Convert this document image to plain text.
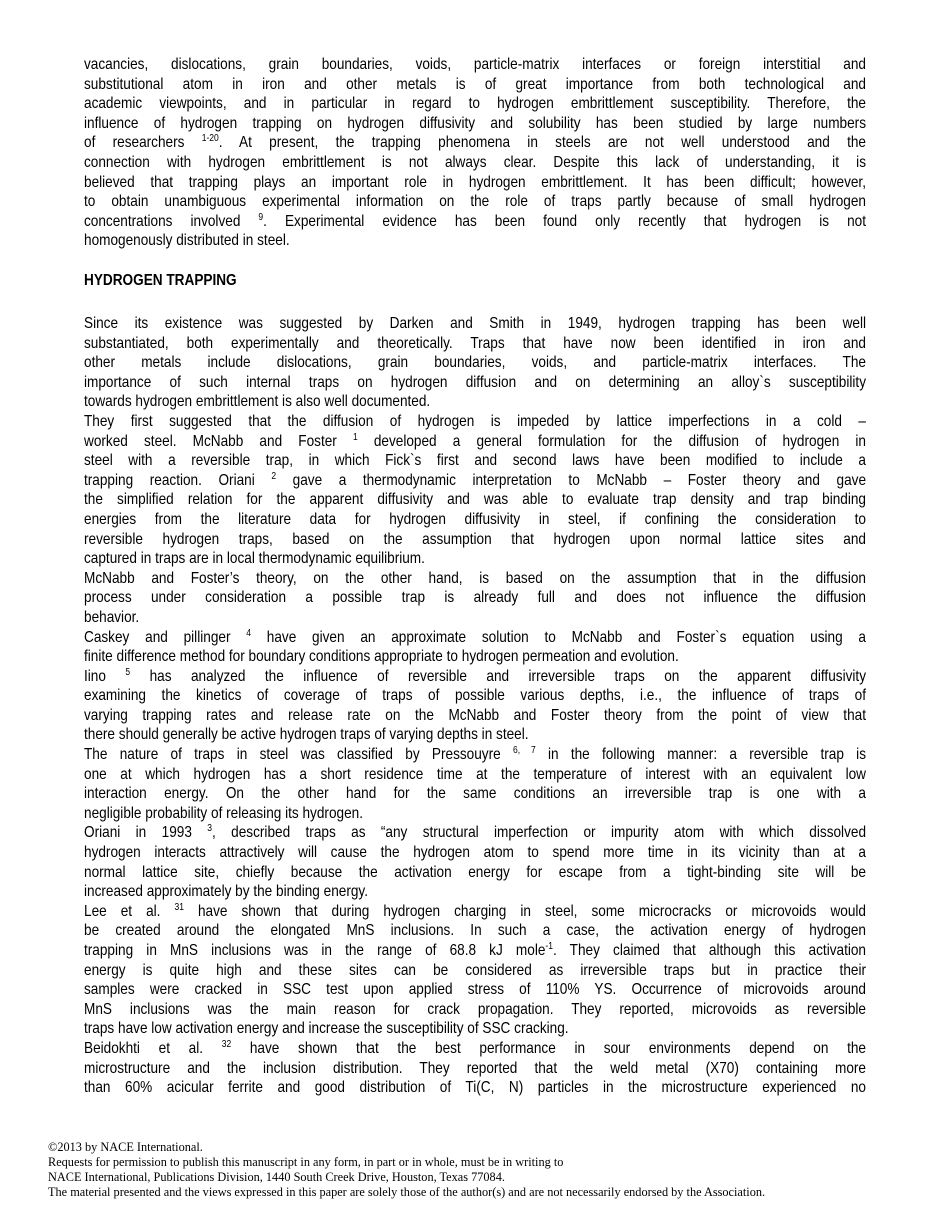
vacancies, dislocations, grain boundaries, voids, particle-matrix interfaces or foreign interstitial and
substitutional atom in iron and other metals is of great importance from both technological and
academic viewpoints, and in particular in regard to hydrogen embrittlement susceptibility. Therefore, the
influence of hydrogen trapping on hydrogen diffusivity and solubility has been studied by large numbers
of researchers $^{1-20}$. At present, the trapping phenomena in steels are not well understood and the
connection with hydrogen embrittlement is not always clear. Despite this lack of understanding, it is
believed that trapping plays an important role in hydrogen embrittlement. It has been difficult; however,
to obtain unambiguous experimental information on the role of traps partly because of small hydrogen
concentrations involved $^9$. Experimental evidence has been found only recently that hydrogen is not
homogenously distributed in steel.
HYDROGEN TRAPPING
Since its existence was suggested by Darken and Smith in 1949, hydrogen trapping has been well
substantiated, both experimentally and theoretically. Traps that have now been identified in iron and
other metals include dislocations, grain boundaries, voids, and particle-matrix interfaces. The
importance of such internal traps on hydrogen diffusion and on determining an alloy`s susceptibility
towards hydrogen embrittlement is also well documented.
They first suggested that the diffusion of hydrogen is impeded by lattice imperfections in a cold –
worked steel. McNabb and Foster $^1$ developed a general formulation for the diffusion of hydrogen in
steel with a reversible trap, in which Fick`s first and second laws have been modified to include a
trapping reaction. Oriani $^2$ gave a thermodynamic interpretation to McNabb – Foster theory and gave
the simplified relation for the apparent diffusivity and was able to evaluate trap density and trap binding
energies from the literature data for hydrogen diffusivity in steel, if confining the consideration to
reversible hydrogen traps, based on the assumption that hydrogen upon normal lattice sites and
captured in traps are in local thermodynamic equilibrium.
McNabb and Foster’s theory, on the other hand, is based on the assumption that in the diffusion
process under consideration a possible trap is already full and does not influence the diffusion
behavior.
Caskey and pillinger $^4$ have given an approximate solution to McNabb and Foster`s equation using a
finite difference method for boundary conditions appropriate to hydrogen permeation and evolution.
Iino $^5$ has analyzed the influence of reversible and irreversible traps on the apparent diffusivity
examining the kinetics of coverage of traps of possible various depths, i.e., the influence of traps of
varying trapping rates and release rate on the McNabb and Foster theory from the point of view that
there should generally be active hydrogen traps of varying depths in steel.
The nature of traps in steel was classified by Pressouyre $^{6, 7}$ in the following manner: a reversible trap is
one at which hydrogen has a short residence time at the temperature of interest with an equivalent low
interaction energy. On the other hand for the same conditions an irreversible trap is one with a
negligible probability of releasing its hydrogen.
Oriani in 1993 $^3$, described traps as “any structural imperfection or impurity atom with which dissolved
hydrogen interacts attractively will cause the hydrogen atom to spend more time in its vicinity than at a
normal lattice site, chiefly because the activation energy for escape from a tight-binding site will be
increased approximately by the binding energy.
Lee et al. $^{31}$ have shown that during hydrogen charging in steel, some microcracks or microvoids would
be created around the elongated MnS inclusions. In such a case, the activation energy of hydrogen
trapping in MnS inclusions was in the range of 68.8 kJ mole$^{-1}$. They claimed that although this activation
energy is quite high and these sites can be considered as irreversible traps but in practice their
samples were cracked in SSC test upon applied stress of 110% YS. Occurrence of microvoids around
MnS inclusions was the main reason for crack propagation. They reported, microvoids as reversible
traps have low activation energy and increase the susceptibility of SSC cracking.
Beidokhti et al. $^{32}$ have shown that the best performance in sour environments depend on the
microstructure and the inclusion distribution. They reported that the weld metal (X70) containing more
than 60% acicular ferrite and good distribution of Ti(C, N) particles in the microstructure experienced no
©2013 by NACE International.
Requests for permission to publish this manuscript in any form, in part or in whole, must be in writing to
NACE International, Publications Division, 1440 South Creek Drive, Houston, Texas 77084.
The material presented and the views expressed in this paper are solely those of the author(s) and are not necessarily endorsed by the Association.
